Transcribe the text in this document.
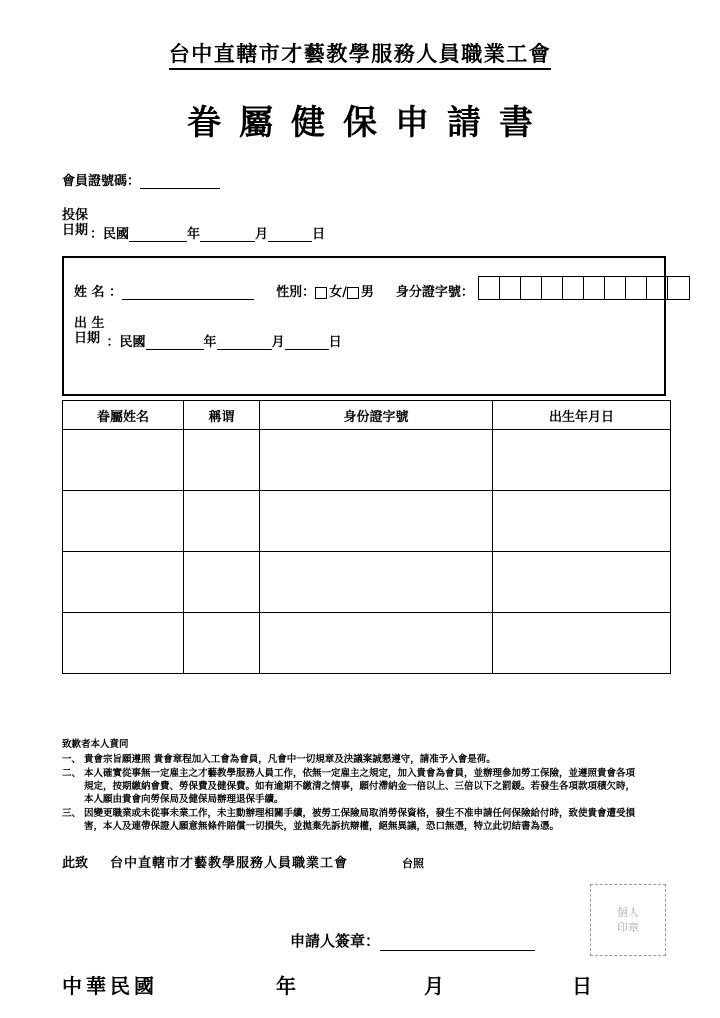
台中直轄市才藝教學服務人員職業工會
眷屬健保申請書
會員證號碼：
投保
日期 ：民國	年	月	日
姓 名 ：	性別： 女 / 男 身分證字號：
出 生
日期 ：民國	年	月	日
眷屬姓名	稱谓	身份證字號	出生年月日

致歉者本人賁同
一、 貴會宗旨願遵照 貴會章程加入工會為會員，凡會中一切規章及決議案誠懇遵守，請准予入會是荷。

二、 本人確實從事無一定雇主之才藝教學服務人員工作，依無一定雇主之規定，加入貴會為會員，並辦理參加勞工保險，並遵照貴會各項

規定，按期繳納會費、勞保費及健保費。如有逾期不繳清之情事，願付滯納金一倍以上、三倍以下之罰鍰。若發生各項款項積欠時，

本人願由貴會向勞保局及健保局辦理退保手續。

三、 因變更職業或未從事未業工作，未主動辦理相關手續，被勞工保險局取消勞保資格，發生不准申請任何保險給付時，致使貴會遭受損

害，本人及連帶保證人願意無條件賠償一切損失，並拋棄先訴抗辯權，絕無異議，恐口無憑，特立此切結書為憑。

此致 台中直轄市才藝教學服務人員職業工會	台照
個人
印章
申請人簽章：
中華民國	年	月	日
